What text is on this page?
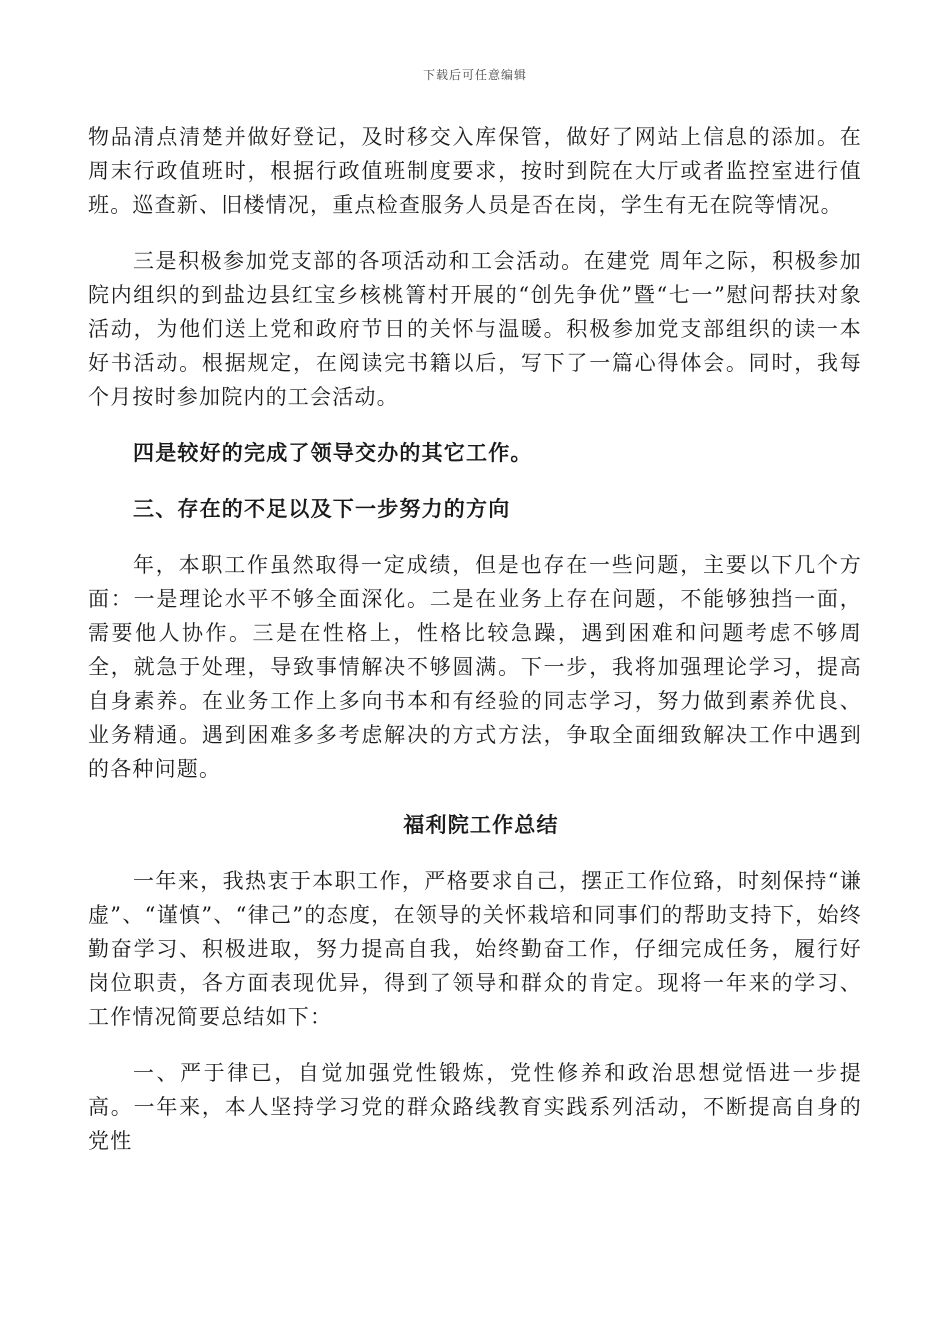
下载后可任意编辑

物品清点清楚并做好登记，及时移交入库保管，做好了网站上信息的添加。在周末行政值班时，根据行政值班制度要求，按时到院在大厅或者监控室进行值班。巡查新、旧楼情况，重点检查服务人员是否在岗，学生有无在院等情况。

三是积极参加党支部的各项活动和工会活动。在建党 周年之际，积极参加院内组织的到盐边县红宝乡核桃箐村开展的“创先争优”暨“七一”慰问帮扶对象活动，为他们送上党和政府节日的关怀与温暖。积极参加党支部组织的读一本好书活动。根据规定，在阅读完书籍以后，写下了一篇心得体会。同时，我每个月按时参加院内的工会活动。

四是较好的完成了领导交办的其它工作。

三、存在的不足以及下一步努力的方向

年，本职工作虽然取得一定成绩，但是也存在一些问题，主要以下几个方面：一是理论水平不够全面深化。二是在业务上存在问题，不能够独挡一面，需要他人协作。三是在性格上，性格比较急躁，遇到困难和问题考虑不够周全，就急于处理，导致事情解决不够圆满。下一步，我将加强理论学习，提高自身素养。在业务工作上多向书本和有经验的同志学习，努力做到素养优良、业务精通。遇到困难多多考虑解决的方式方法，争取全面细致解决工作中遇到的各种问题。

福利院工作总结

一年来，我热衷于本职工作，严格要求自己，摆正工作位臵，时刻保持“谦虚”、“谨慎”、“律己”的态度，在领导的关怀栽培和同事们的帮助支持下，始终勤奋学习、积极进取，努力提高自我，始终勤奋工作，仔细完成任务，履行好岗位职责，各方面表现优异，得到了领导和群众的肯定。现将一年来的学习、工作情况简要总结如下：

一、严于律已，自觉加强党性锻炼，党性修养和政治思想觉悟进一步提高。一年来，本人坚持学习党的群众路线教育实践系列活动，不断提高自身的党性
